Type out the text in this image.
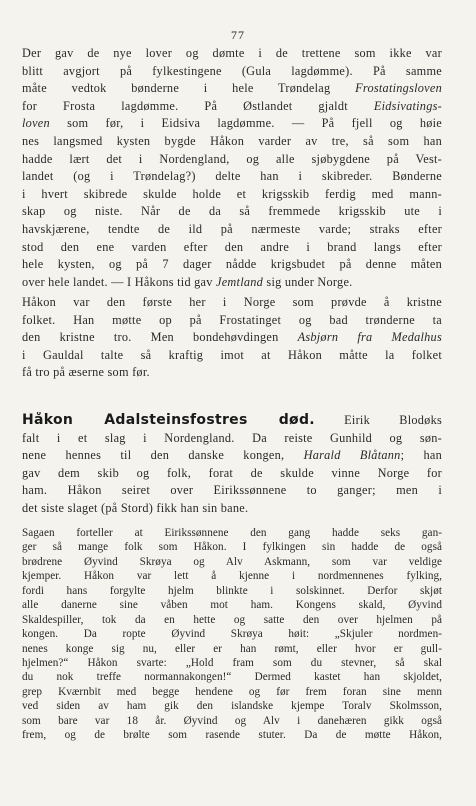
77
Der gav de nye lover og dømte i de trettene som ikke var
blitt avgjort på fylkestingene (Gula lagdømme). På samme
måte vedtok bønderne i hele Trøndelag Frostatingsloven
for Frosta lagdømme. På Østlandet gjaldt Eidsivatings-
loven som før, i Eidsiva lagdømme. — På fjell og høie
nes langsmed kysten bygde Håkon varder av tre, så som han
hadde lært det i Nordengland, og alle sjøbygdene på Vest-
landet (og i Trøndelag?) delte han i skibreder. Bønderne
i hvert skibrede skulde holde et krigsskib ferdig med mann-
skap og niste. Når de da så fremmede krigsskib ute i
havskjærene, tendte de ild på nærmeste varde; straks efter
stod den ene varden efter den andre i brand langs efter
hele kysten, og på 7 dager nådde krigsbudet på denne måten
over hele landet. — I Håkons tid gav Jemtland sig under Norge.
Håkon var den første her i Norge som prøvde å kristne
folket. Han møtte op på Frostatinget og bad trønderne ta
den kristne tro. Men bondehøvdingen Asbjørn fra Medalhus
i Gauldal talte så kraftig imot at Håkon måtte la folket
få tro på æserne som før.
Håkon Adalsteinsfostres død. Eirik Blodøks
falt i et slag i Nordengland. Da reiste Gunhild og søn-
nene hennes til den danske kongen, Harald Blåtann; han
gav dem skib og folk, forat de skulde vinne Norge for
ham. Håkon seiret over Eirikssønnene to ganger; men i
det siste slaget (på Stord) fikk han sin bane.
Sagaen forteller at Eirikssønnene den gang hadde seks gan-
ger så mange folk som Håkon. I fylkingen sin hadde de også
brødrene Øyvind Skrøya og Alv Askmann, som var veldige
kjemper. Håkon var lett å kjenne i nordmennenes fylking,
fordi hans forgylte hjelm blinkte i solskinnet. Derfor skjøt
alle danerne sine våben mot ham. Kongens skald, Øyvind
Skaldespiller, tok da en hette og satte den over hjelmen på
kongen. Da ropte Øyvind Skrøya høit: „Skjuler nordmen-
nenes konge sig nu, eller er han rømt, eller hvor er gull-
hjelmen?“ Håkon svarte: „Hold fram som du stevner, så skal
du nok treffe normannakongen!“ Dermed kastet han skjoldet,
grep Kværnbit med begge hendene og før frem foran sine menn
ved siden av ham gik den islandske kjempe Toralv Skolmsson,
som bare var 18 år. Øyvind og Alv i danehæren gikk også
frem, og de brølte som rasende stuter. Da de møtte Håkon,
